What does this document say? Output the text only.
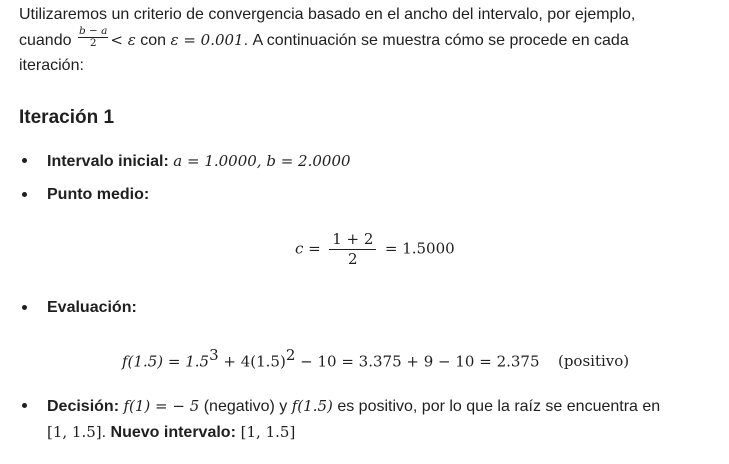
Utilizaremos un criterio de convergencia basado en el ancho del intervalo, por ejemplo,
cuando $\frac{b - a}{2} < \varepsilon$ con ε = 0.001. A continuación se muestra cómo se procede en cada
iteración:

Iteración 1
Intervalo inicial: a = 1.0000, b = 2.0000
Punto medio:
$c = \frac{1 + 2}{2} = 1.5000$
Evaluación:
$f(1.5) = 1.5^3 + 4(1.5)^2 - 10 = 3.375 + 9 - 10 = 2.375$ (positivo)
Decisión: f(1) = − 5 (negativo) y f(1.5) es positivo, por lo que la raíz se encuentra en
[1, 1.5]. Nuevo intervalo: [1, 1.5]
